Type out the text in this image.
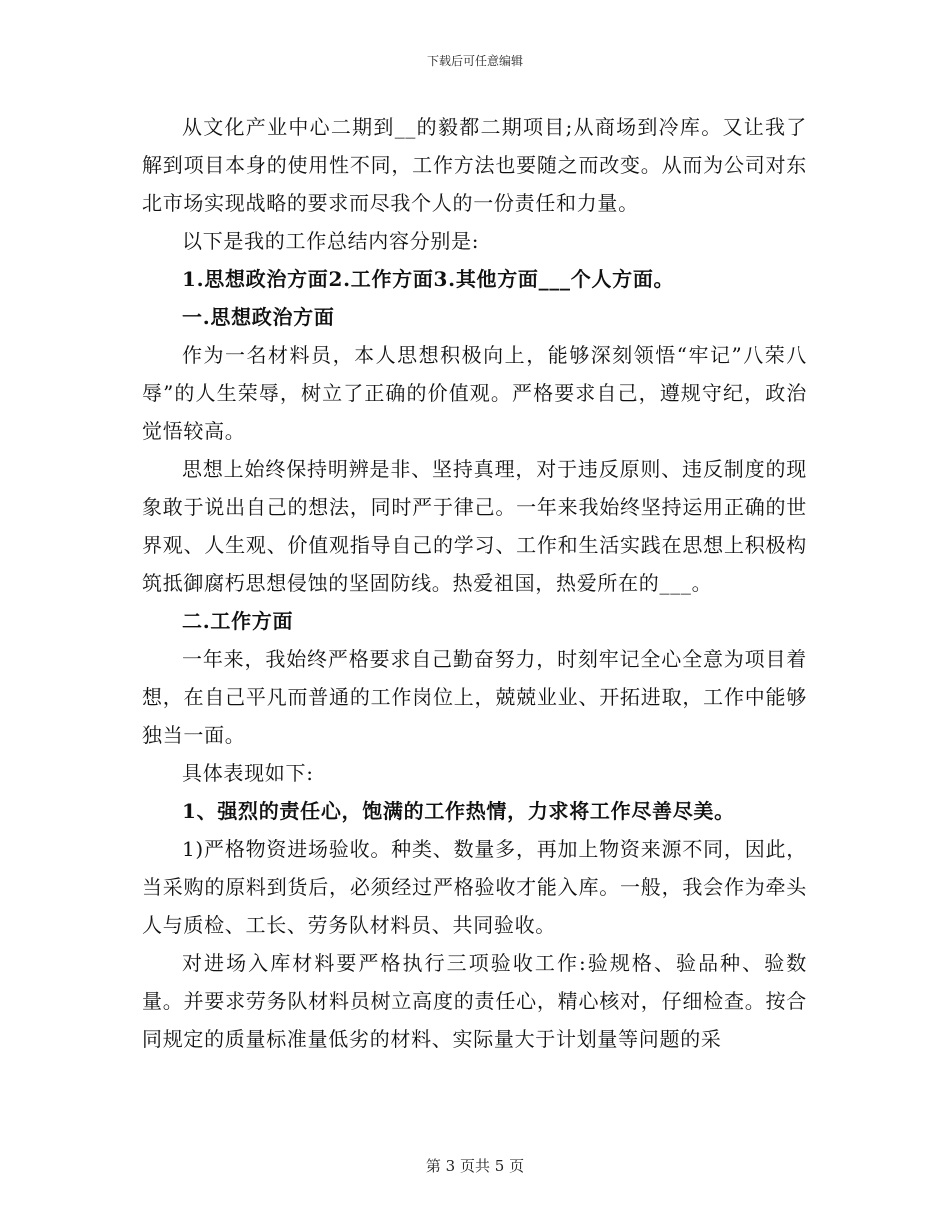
下载后可任意编辑

从文化产业中心二期到__的毅都二期项目;从商场到冷库。又让我了解到项目本身的使用性不同，工作方法也要随之而改变。从而为公司对东北市场实现战略的要求而尽我个人的一份责任和力量。

以下是我的工作总结内容分别是:

1.思想政治方面2.工作方面3.其他方面___个人方面。

一.思想政治方面

作为一名材料员，本人思想积极向上，能够深刻领悟“牢记”八荣八辱”的人生荣辱，树立了正确的价值观。严格要求自己，遵规守纪，政治觉悟较高。

思想上始终保持明辨是非、坚持真理，对于违反原则、违反制度的现象敢于说出自己的想法，同时严于律己。一年来我始终坚持运用正确的世界观、人生观、价值观指导自己的学习、工作和生活实践在思想上积极构筑抵御腐朽思想侵蚀的坚固防线。热爱祖国，热爱所在的___。

二.工作方面

一年来，我始终严格要求自己勤奋努力，时刻牢记全心全意为项目着想，在自己平凡而普通的工作岗位上，兢兢业业、开拓进取，工作中能够独当一面。

具体表现如下:

1、强烈的责任心，饱满的工作热情，力求将工作尽善尽美。

1)严格物资进场验收。种类、数量多，再加上物资来源不同，因此，当采购的原料到货后，必须经过严格验收才能入库。一般，我会作为牵头人与质检、工长、劳务队材料员、共同验收。

对进场入库材料要严格执行三项验收工作:验规格、验品种、验数量。并要求劳务队材料员树立高度的责任心，精心核对，仔细检查。按合同规定的质量标准量低劣的材料、实际量大于计划量等问题的采

第 3 页共 5 页
